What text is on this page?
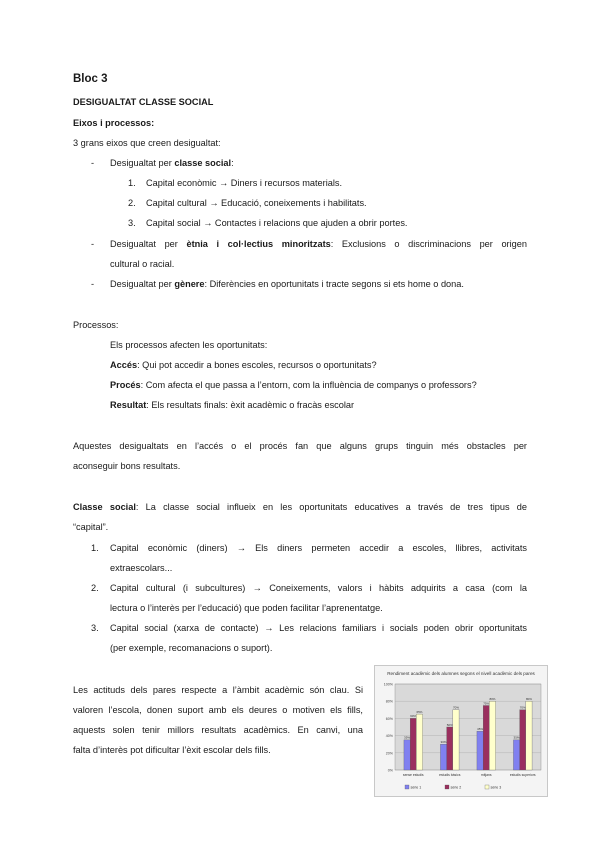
Bloc 3
DESIGUALTAT CLASSE SOCIAL
Eixos i processos:
3 grans eixos que creen desigualtat:
- Desigualtat per classe social:
1. Capital econòmic → Diners i recursos materials.
2. Capital cultural → Educació, coneixements i habilitats.
3. Capital social → Contactes i relacions que ajuden a obrir portes.
- Desigualtat per ètnia i col·lectius minoritzats: Exclusions o discriminacions per origen
cultural o racial.
- Desigualtat per gènere: Diferències en oportunitats i tracte segons si ets home o dona.
Processos:
Els processos afecten les oportunitats:
Accés: Qui pot accedir a bones escoles, recursos o oportunitats?
Procés: Com afecta el que passa a l’entorn, com la influència de companys o professors?
Resultat: Els resultats finals: èxit acadèmic o fracàs escolar
Aquestes desigualtats en l’accés o el procés fan que alguns grups tinguin més obstacles per
aconseguir bons resultats.
Classe social: La classe social influeix en les oportunitats educatives a través de tres tipus de
“capital”.
1. Capital econòmic (diners) → Els diners permeten accedir a escoles, llibres, activitats
extraescolars...
2. Capital cultural (i subcultures) → Coneixements, valors i hàbits adquirits a casa (com la
lectura o l’interès per l’educació) que poden facilitar l’aprenentatge.
3. Capital social (xarxa de contacte) → Les relacions familiars i socials poden obrir oportunitats
(per exemple, recomanacions o suport).
Les actituds dels pares respecte a l’àmbit acadèmic són clau. Si
valoren l’escola, donen suport amb els deures o motiven els fills,
aquests solen tenir millors resultats acadèmics. En canvi, una
falta d’interès pot dificultar l’èxit escolar dels fills.
Rendiment acadèmic dels alumnes segons el nivell acadèmic dels pares
0%
20%
40%
60%
80%
100%
35%
60%
65%
sense estudis
30%
50%
70%
estudis bàsics
45%
75%
80%
mitjans
35%
70%
80%
estudis superiors
sèrie 1	sèrie 2	sèrie 3
